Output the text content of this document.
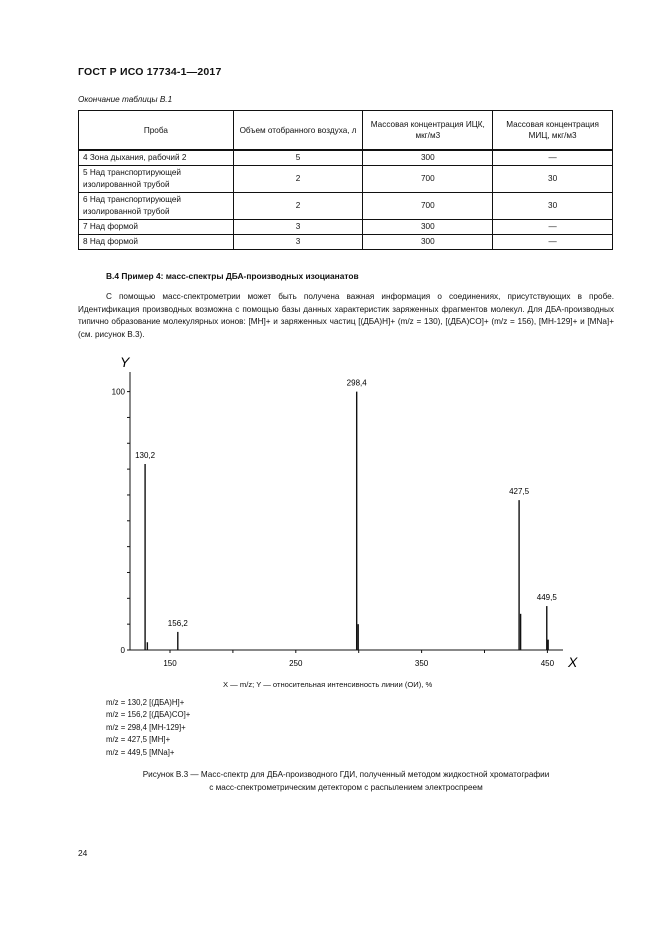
ГОСТ Р ИСО 17734-1—2017
Окончание таблицы В.1
Проба	Объем отобранного воздуха, л	Массовая концентрация ИЦК, мкг/м3	Массовая концентрация МИЦ, мкг/м3
4 Зона дыхания, рабочий 2	5	300	—
5 Над транспортирующей изолированной трубой	2	700	30
6 Над транспортирующей изолированной трубой	2	700	30
7 Над формой	3	300	—
8 Над формой	3	300	—
В.4 Пример 4: масс-спектры ДБА-производных изоцианатов

С помощью масс-спектрометрии может быть получена важная информация о соединениях, присутствующих в пробе. Идентификация производных возможна с помощью базы данных характеристик заряженных фрагментов молекул. Для ДБА-производных типично образование молекулярных ионов: [MH]+ и заряженных частиц [(ДБА)H]+ (m/z = 130), [(ДБА)CO]+ (m/z = 156), [MH-129]+ и [MNa]+ (см. рисунок В.3).

Y
X
0
100
150	250	350	450
130,2
156,2
298,4
427,5
449,5
X — m/z; Y — относительная интенсивность линии (ОИ), %
m/z = 130,2 [(ДБА)H]+
m/z = 156,2 [(ДБА)CO]+
m/z = 298,4 [MH-129]+
m/z = 427,5 [MH]+
m/z = 449,5 [MNa]+
Рисунок В.3 — Масс-спектр для ДБА-производного ГДИ, полученный методом жидкостной хроматографии
с масс-спектрометрическим детектором с распылением электроспреем
24
